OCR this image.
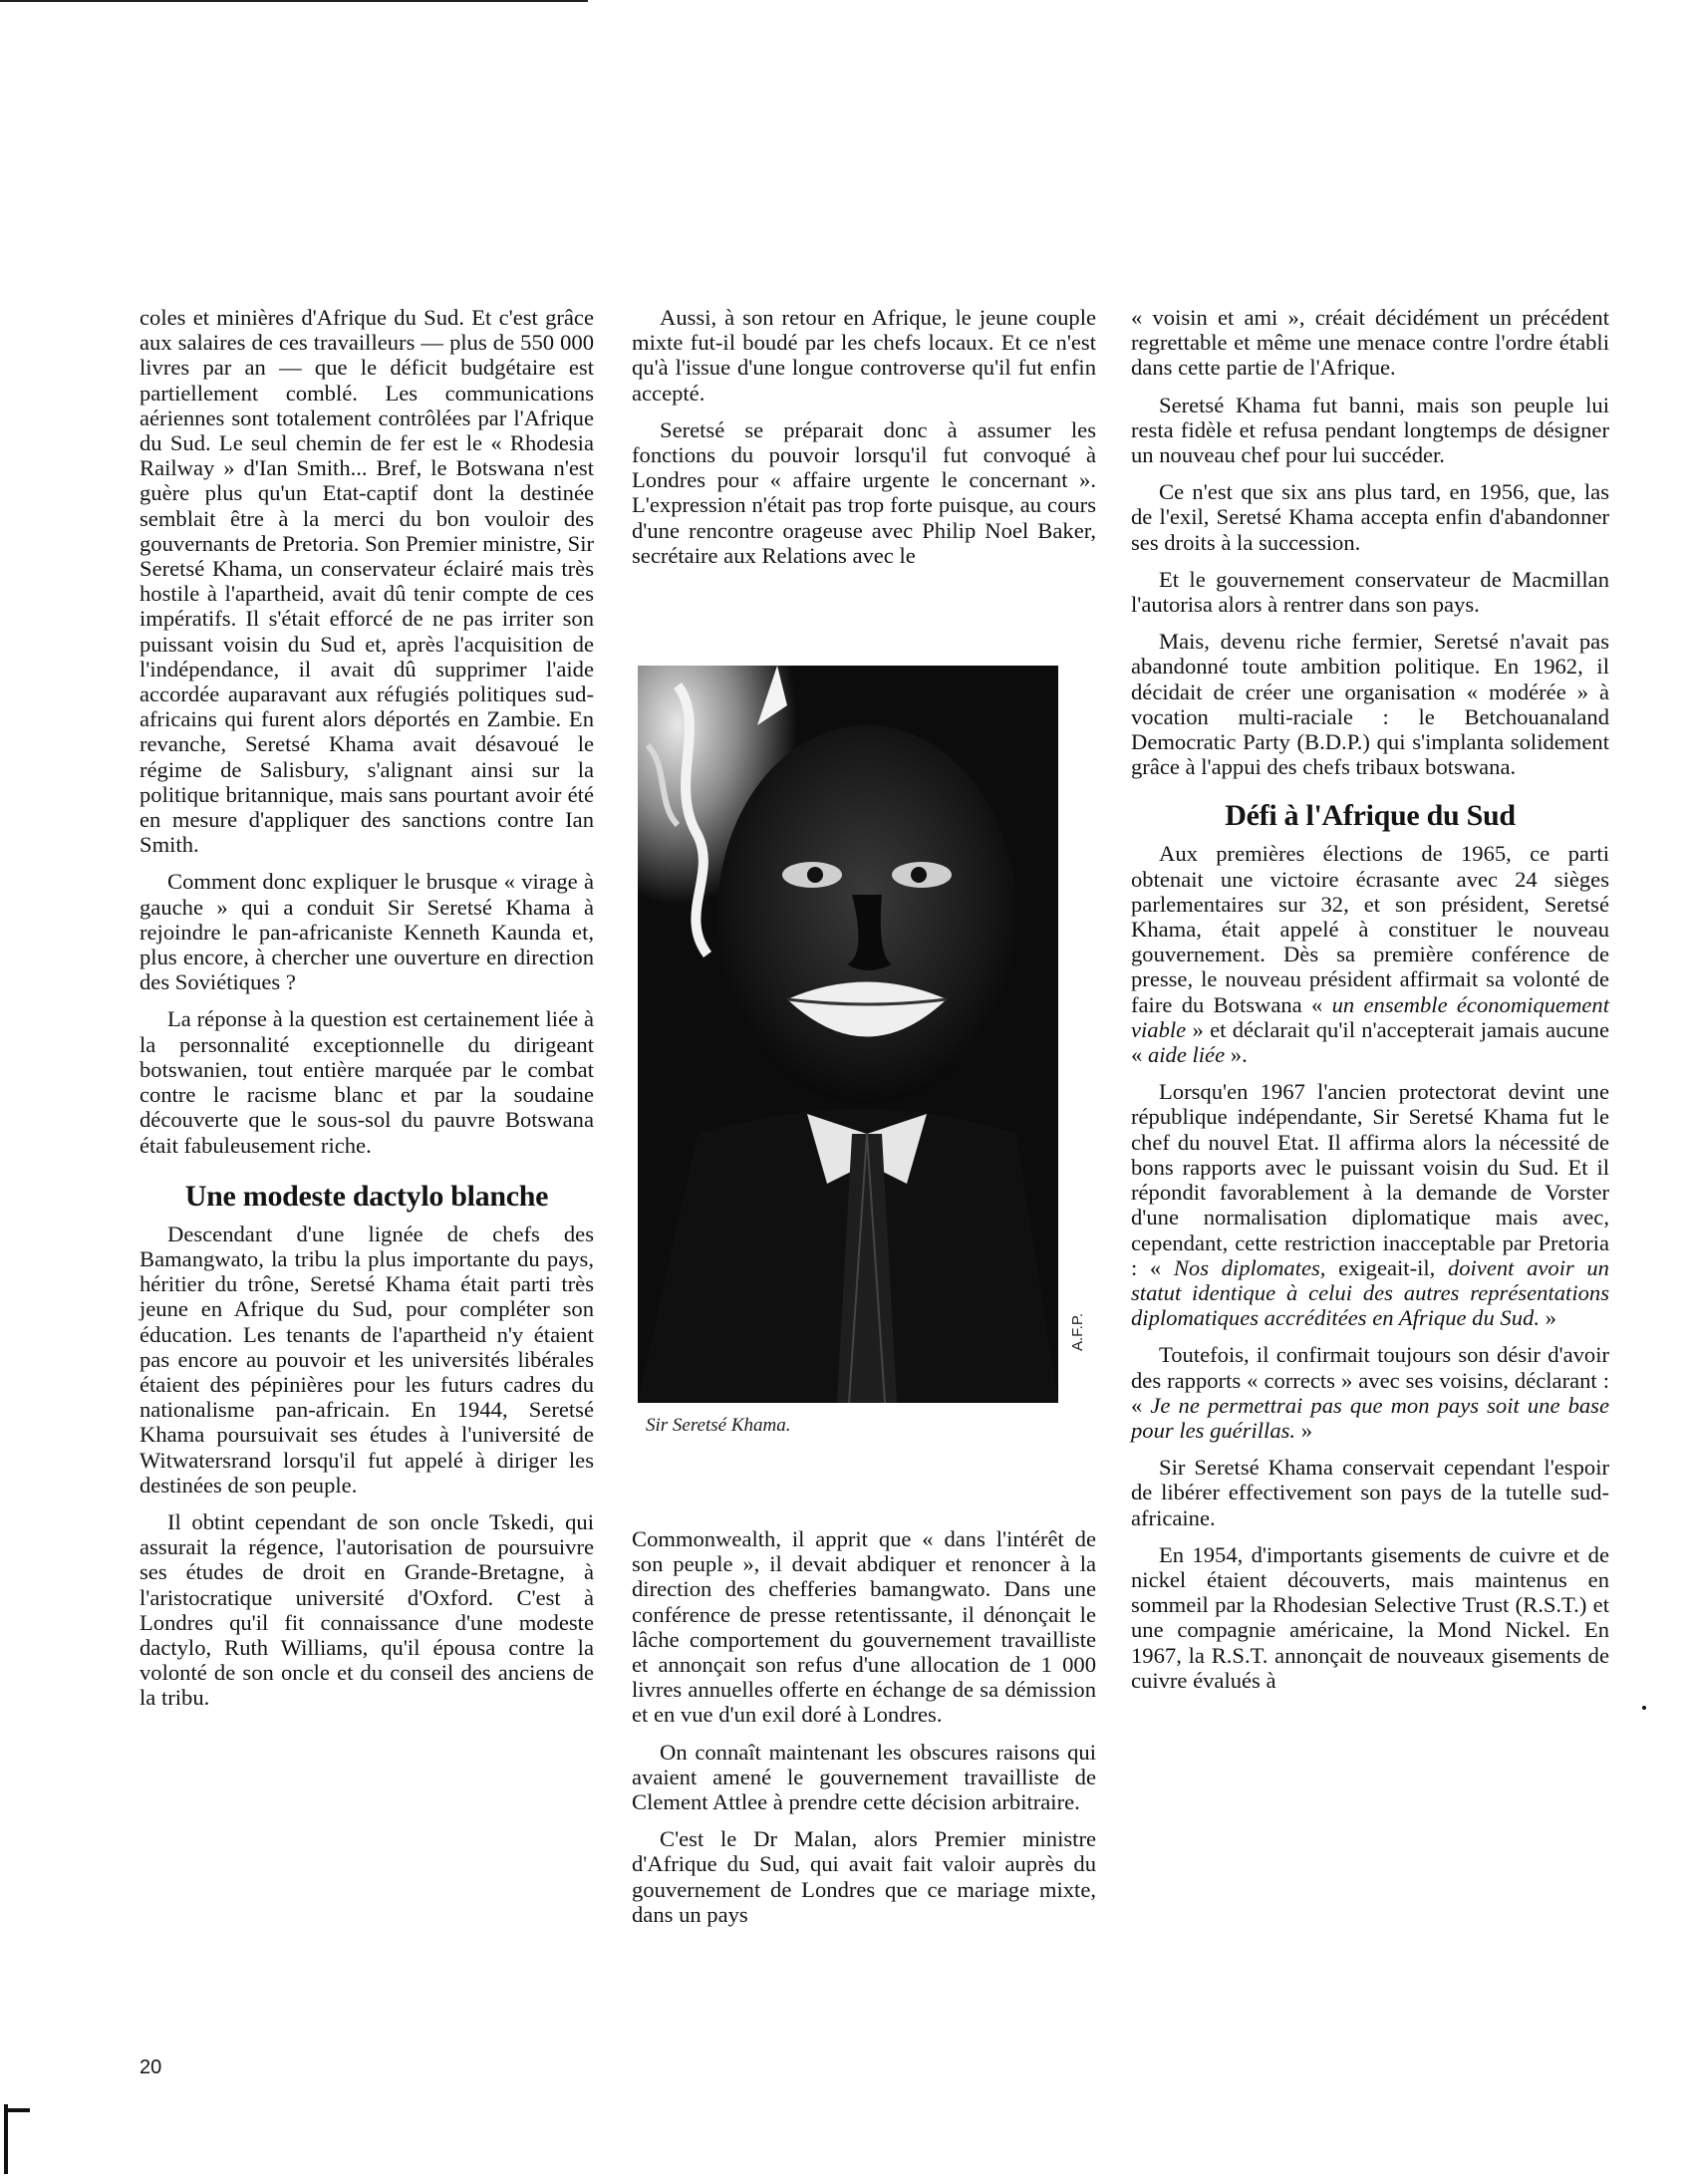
coles et minières d'Afrique du Sud. Et c'est grâce aux salaires de ces travailleurs — plus de 550 000 livres par an — que le déficit budgétaire est partiellement comblé. Les communications aériennes sont totalement contrôlées par l'Afrique du Sud. Le seul chemin de fer est le « Rhodesia Railway » d'Ian Smith... Bref, le Botswana n'est guère plus qu'un Etat-captif dont la destinée semblait être à la merci du bon vouloir des gouvernants de Pretoria. Son Premier ministre, Sir Seretsé Khama, un conservateur éclairé mais très hostile à l'apartheid, avait dû tenir compte de ces impératifs. Il s'était efforcé de ne pas irriter son puissant voisin du Sud et, après l'acquisition de l'indépendance, il avait dû supprimer l'aide accordée auparavant aux réfugiés politiques sud-africains qui furent alors déportés en Zambie. En revanche, Seretsé Khama avait désavoué le régime de Salisbury, s'alignant ainsi sur la politique britannique, mais sans pourtant avoir été en mesure d'appliquer des sanctions contre Ian Smith.

Comment donc expliquer le brusque « virage à gauche » qui a conduit Sir Seretsé Khama à rejoindre le pan-africaniste Kenneth Kaunda et, plus encore, à chercher une ouverture en direction des Soviétiques ?

La réponse à la question est certainement liée à la personnalité exceptionnelle du dirigeant botswanien, tout entière marquée par le combat contre le racisme blanc et par la soudaine découverte que le sous-sol du pauvre Botswana était fabuleusement riche.

Une modeste dactylo blanche

Descendant d'une lignée de chefs des Bamangwato, la tribu la plus importante du pays, héritier du trône, Seretsé Khama était parti très jeune en Afrique du Sud, pour compléter son éducation. Les tenants de l'apartheid n'y étaient pas encore au pouvoir et les universités libérales étaient des pépinières pour les futurs cadres du nationalisme pan-africain. En 1944, Seretsé Khama poursuivait ses études à l'université de Witwatersrand lorsqu'il fut appelé à diriger les destinées de son peuple.

Il obtint cependant de son oncle Tskedi, qui assurait la régence, l'autorisation de poursuivre ses études de droit en Grande-Bretagne, à l'aristocratique université d'Oxford. C'est à Londres qu'il fit connaissance d'une modeste dactylo, Ruth Williams, qu'il épousa contre la volonté de son oncle et du conseil des anciens de la tribu.

Aussi, à son retour en Afrique, le jeune couple mixte fut-il boudé par les chefs locaux. Et ce n'est qu'à l'issue d'une longue controverse qu'il fut enfin accepté.

Seretsé se préparait donc à assumer les fonctions du pouvoir lorsqu'il fut convoqué à Londres pour « affaire urgente le concernant ». L'expression n'était pas trop forte puisque, au cours d'une rencontre orageuse avec Philip Noel Baker, secrétaire aux Relations avec le

A.F.P.
Sir Seretsé Khama.

Commonwealth, il apprit que « dans l'intérêt de son peuple », il devait abdiquer et renoncer à la direction des chefferies bamangwato. Dans une conférence de presse retentissante, il dénonçait le lâche comportement du gouvernement travailliste et annonçait son refus d'une allocation de 1 000 livres annuelles offerte en échange de sa démission et en vue d'un exil doré à Londres.

On connaît maintenant les obscures raisons qui avaient amené le gouvernement travailliste de Clement Attlee à prendre cette décision arbitraire.

C'est le Dr Malan, alors Premier ministre d'Afrique du Sud, qui avait fait valoir auprès du gouvernement de Londres que ce mariage mixte, dans un pays

« voisin et ami », créait décidément un précédent regrettable et même une menace contre l'ordre établi dans cette partie de l'Afrique.

Seretsé Khama fut banni, mais son peuple lui resta fidèle et refusa pendant longtemps de désigner un nouveau chef pour lui succéder.

Ce n'est que six ans plus tard, en 1956, que, las de l'exil, Seretsé Khama accepta enfin d'abandonner ses droits à la succession.

Et le gouvernement conservateur de Macmillan l'autorisa alors à rentrer dans son pays.

Mais, devenu riche fermier, Seretsé n'avait pas abandonné toute ambition politique. En 1962, il décidait de créer une organisation « modérée » à vocation multi-raciale : le Betchouanaland Democratic Party (B.D.P.) qui s'implanta solidement grâce à l'appui des chefs tribaux botswana.

Défi à l'Afrique du Sud

Aux premières élections de 1965, ce parti obtenait une victoire écrasante avec 24 sièges parlementaires sur 32, et son président, Seretsé Khama, était appelé à constituer le nouveau gouvernement. Dès sa première conférence de presse, le nouveau président affirmait sa volonté de faire du Botswana « un ensemble économiquement viable » et déclarait qu'il n'accepterait jamais aucune « aide liée ».

Lorsqu'en 1967 l'ancien protectorat devint une république indépendante, Sir Seretsé Khama fut le chef du nouvel Etat. Il affirma alors la nécessité de bons rapports avec le puissant voisin du Sud. Et il répondit favorablement à la demande de Vorster d'une normalisation diplomatique mais avec, cependant, cette restriction inacceptable par Pretoria : « Nos diplomates, exigeait-il, doivent avoir un statut identique à celui des autres représentations diplomatiques accréditées en Afrique du Sud. »

Toutefois, il confirmait toujours son désir d'avoir des rapports « corrects » avec ses voisins, déclarant : « Je ne permettrai pas que mon pays soit une base pour les guérillas. »

Sir Seretsé Khama conservait cependant l'espoir de libérer effectivement son pays de la tutelle sud-africaine.

En 1954, d'importants gisements de cuivre et de nickel étaient découverts, mais maintenus en sommeil par la Rhodesian Selective Trust (R.S.T.) et une compagnie américaine, la Mond Nickel. En 1967, la R.S.T. annonçait de nouveaux gisements de cuivre évalués à

20
